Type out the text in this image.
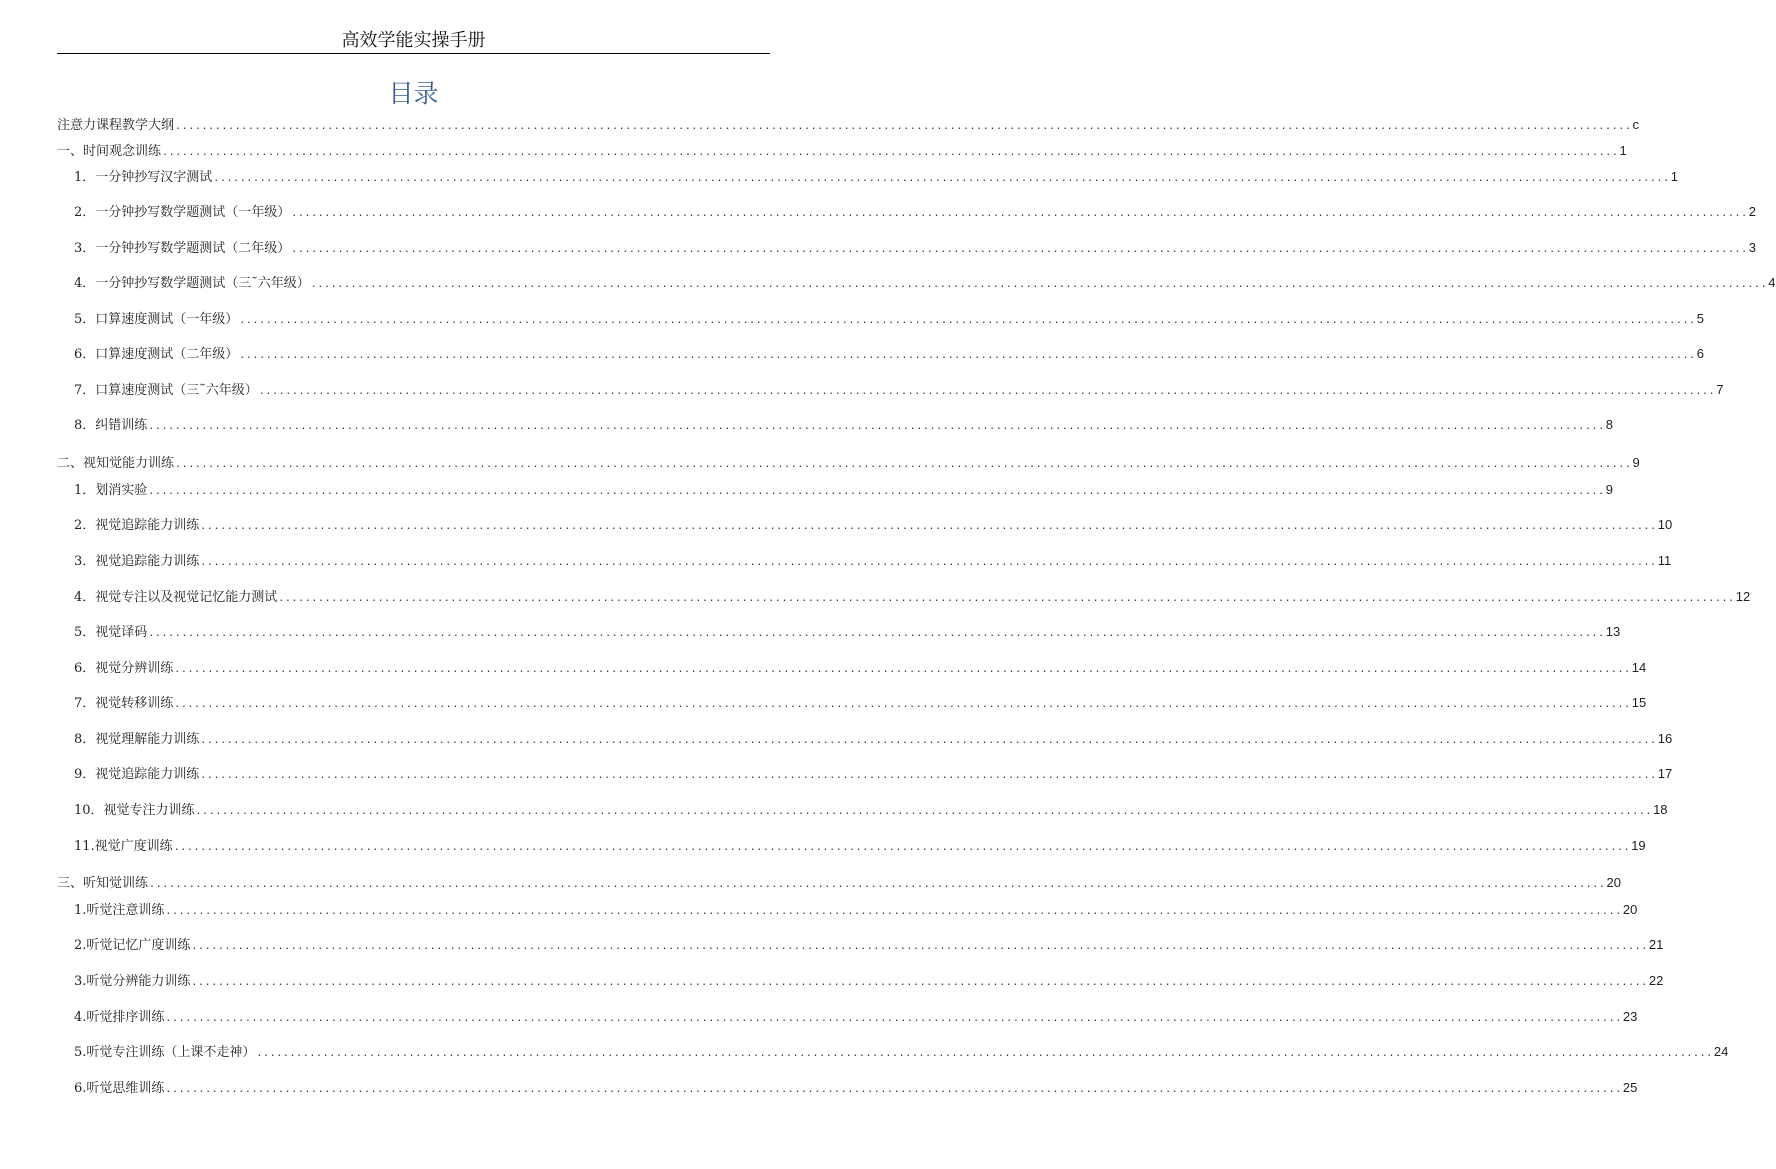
高效学能实操手册
目录
注意力课程教学大纲 ............................................................................................................................................................................................................................ c
一、时间观念训练 ............................................................................................................................................................................................................................ 1
1．一分钟抄写汉字测试 ............................................................................................................................................................................................................................ 1
2．一分钟抄写数学题测试（一年级） ............................................................................................................................................................................................................................ 2
3．一分钟抄写数学题测试（二年级） ............................................................................................................................................................................................................................ 3
4．一分钟抄写数学题测试（三˜六年级） ............................................................................................................................................................................................................................ 4
5．口算速度测试（一年级） ............................................................................................................................................................................................................................ 5
6．口算速度测试（二年级） ............................................................................................................................................................................................................................ 6
7．口算速度测试（三˜六年级） ............................................................................................................................................................................................................................ 7
8．纠错训练 ............................................................................................................................................................................................................................ 8
二、视知觉能力训练 ............................................................................................................................................................................................................................ 9
1．划消实验 ............................................................................................................................................................................................................................ 9
2．视觉追踪能力训练 ............................................................................................................................................................................................................................ 10
3．视觉追踪能力训练 ............................................................................................................................................................................................................................ 11
4．视觉专注以及视觉记忆能力测试 ............................................................................................................................................................................................................................ 12
5．视觉译码 ............................................................................................................................................................................................................................ 13
6．视觉分辨训练 ............................................................................................................................................................................................................................ 14
7．视觉转移训练 ............................................................................................................................................................................................................................ 15
8．视觉理解能力训练 ............................................................................................................................................................................................................................ 16
9．视觉追踪能力训练 ............................................................................................................................................................................................................................ 17
10．视觉专注力训练 ............................................................................................................................................................................................................................ 18
11.视觉广度训练 ............................................................................................................................................................................................................................ 19
三、听知觉训练 ............................................................................................................................................................................................................................ 20
1.听觉注意训练 ............................................................................................................................................................................................................................ 20
2.听觉记忆广度训练 ............................................................................................................................................................................................................................ 21
3.听觉分辨能力训练 ............................................................................................................................................................................................................................ 22
4.听觉排序训练 ............................................................................................................................................................................................................................ 23
5.听觉专注训练（上课不走神） ............................................................................................................................................................................................................................ 24
6.听觉思维训练 ............................................................................................................................................................................................................................ 25
